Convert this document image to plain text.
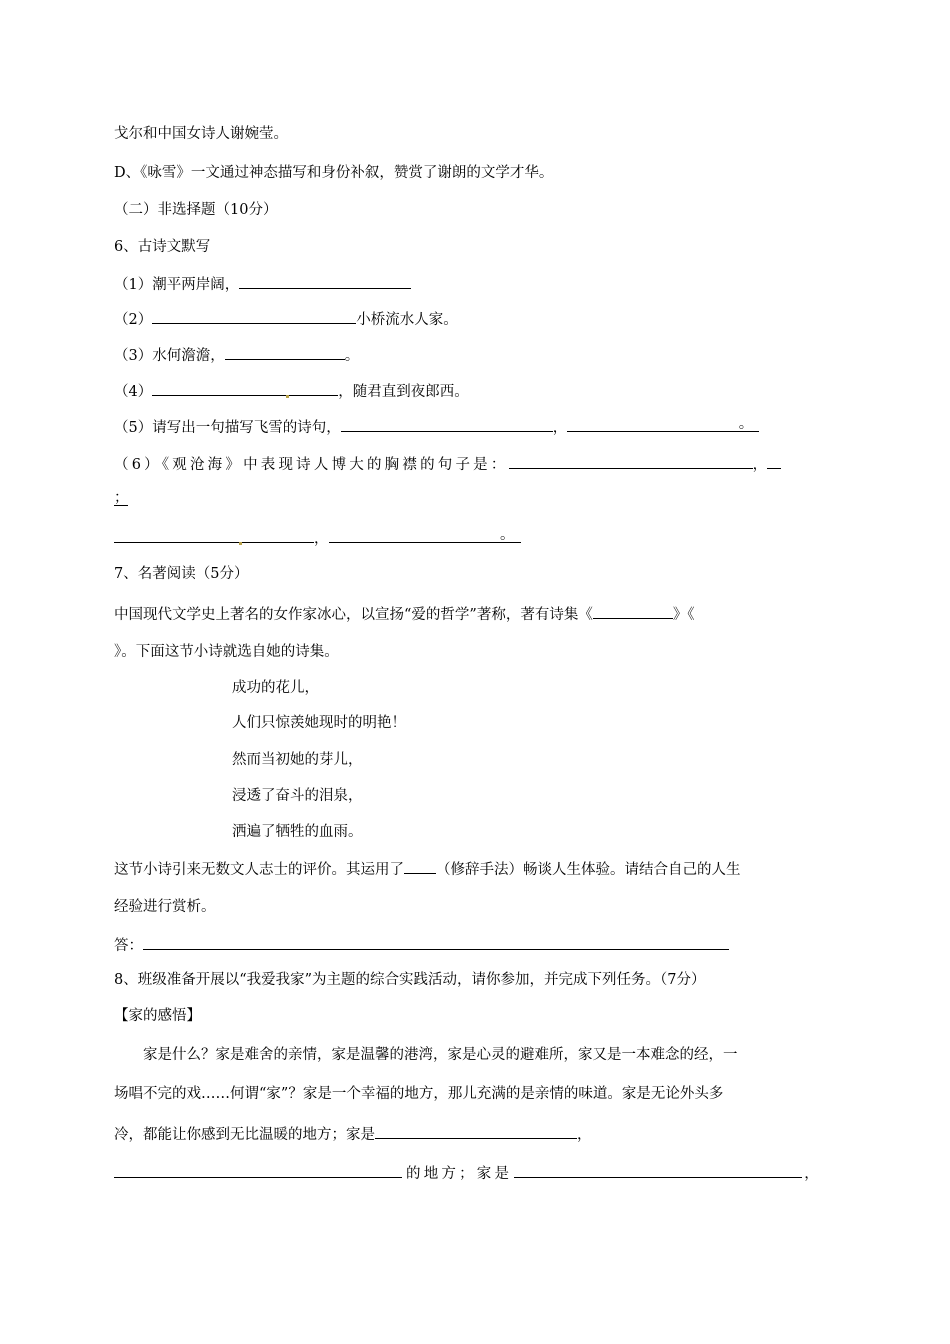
戈尔和中国女诗人谢婉莹。
D、《咏雪》一文通过神态描写和身份补叙，赞赏了谢朗的文学才华。
（二）非选择题（10分）
6、古诗文默写
（1）潮平两岸阔，
（2）	小桥流水人家。
（3）水何澹澹，	。
（4）	，随君直到夜郎西。
（5）请写出一句描写飞雪的诗句，	，	。
（6）《观沧海》中表现诗人博大的胸襟的句子是：	，
；
，	。
7、名著阅读（5分）
中国现代文学史上著名的女作家冰心，以宣扬“爱的哲学”著称，著有诗集《	》《
》。下面这节小诗就选自她的诗集。
成功的花儿，
人们只惊羡她现时的明艳！
然而当初她的芽儿，
浸透了奋斗的泪泉，
洒遍了牺牲的血雨。
这节小诗引来无数文人志士的评价。其运用了 （修辞手法）畅谈人生体验。请结合自己的人生
经验进行赏析。
答：
8、班级准备开展以“我爱我家”为主题的综合实践活动，请你参加，并完成下列任务。（7分）
【家的感悟】
　　家是什么？家是难舍的亲情，家是温馨的港湾，家是心灵的避难所，家又是一本难念的经，一
场唱不完的戏……何谓“家”？家是一个幸福的地方，那儿充满的是亲情的味道。家是无论外头多
冷，都能让你感到无比温暖的地方；家是	，
的地方；家是	，
